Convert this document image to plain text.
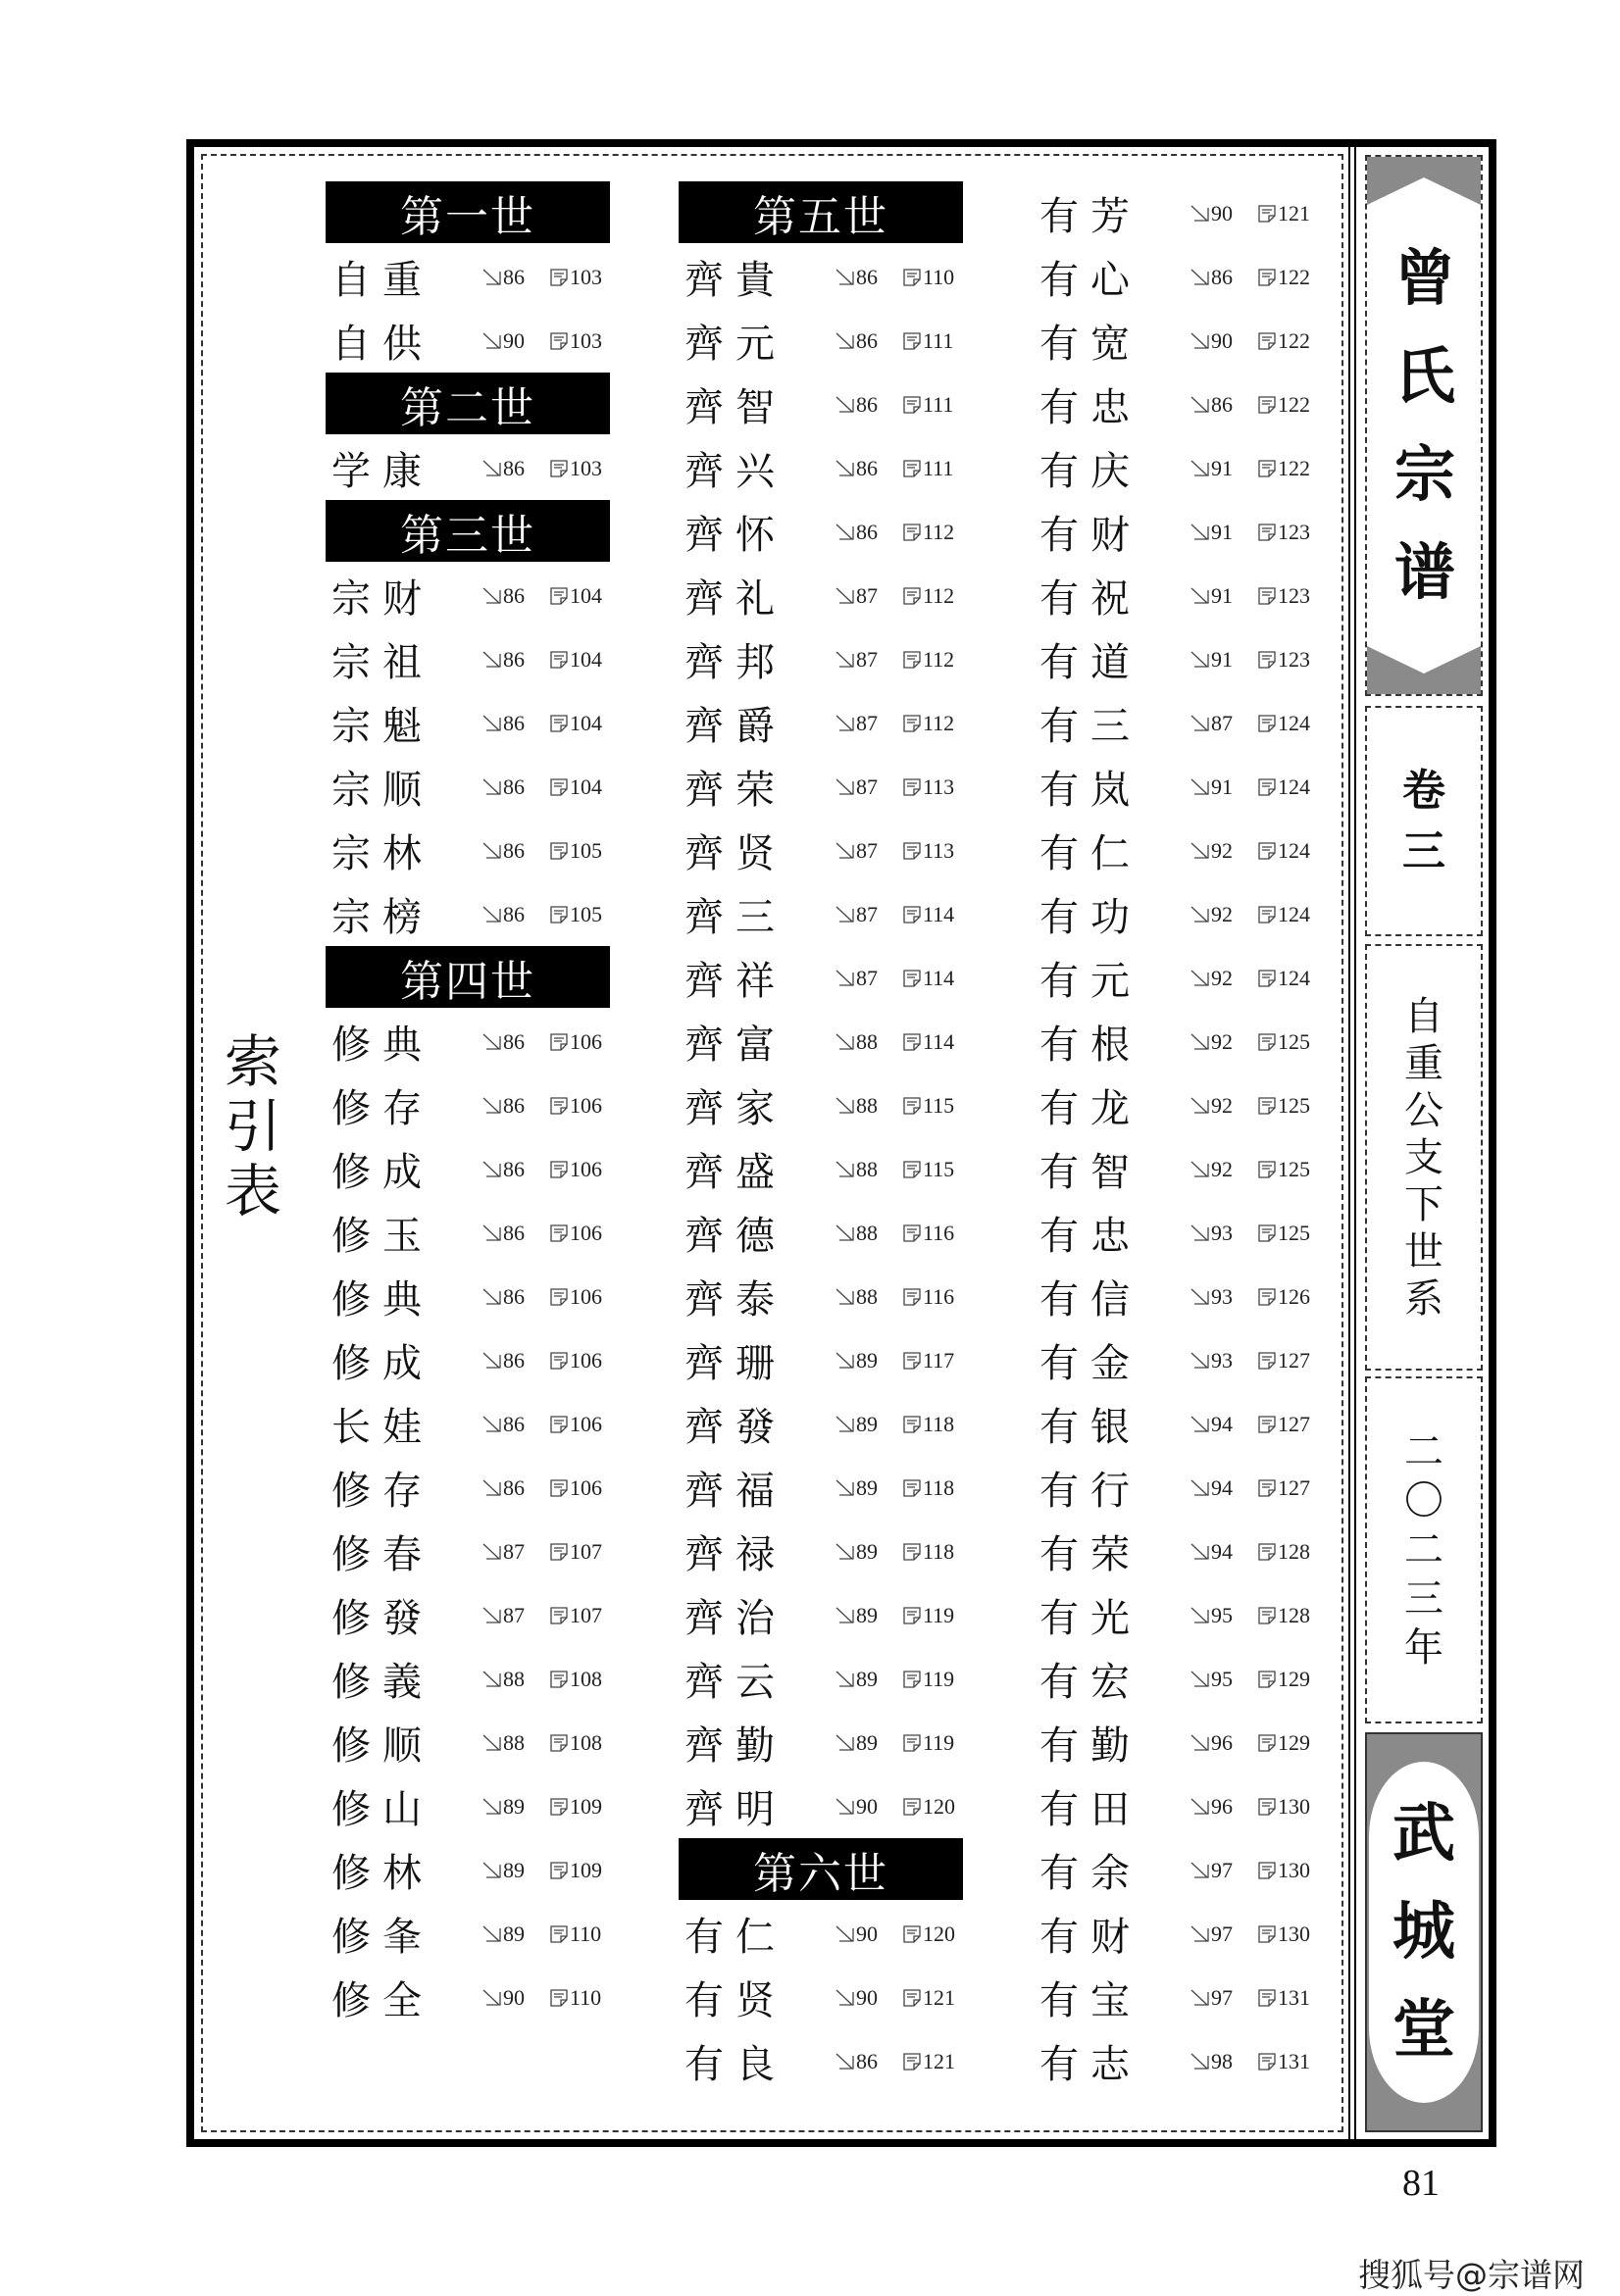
索引表
第一世
自重	86 103
自供	90 103
第二世
学康	86 103
第三世
宗财	86 104
宗祖	86 104
宗魁	86 104
宗顺	86 104
宗林	86 105
宗榜	86 105
第四世
修典	86 106
修存	86 106
修成	86 106
修玉	86 106
修典	86 106
修成	86 106
长娃	86 106
修存	86 106
修春	87 107
修發	87 107
修義	88 108
修顺	88 108
修山	89 109
修林	89 109
修夆	89 110
修全	90 110
第五世
齊貴	86 110
齊元	86 111
齊智	86 111
齊兴	86 111
齊怀	86 112
齊礼	87 112
齊邦	87 112
齊爵	87 112
齊荣	87 113
齊贤	87 113
齊三	87 114
齊祥	87 114
齊富	88 114
齊家	88 115
齊盛	88 115
齊德	88 116
齊泰	88 116
齊珊	89 117
齊發	89 118
齊福	89 118
齊禄	89 118
齊治	89 119
齊云	89 119
齊勤	89 119
齊明	90 120
第六世
有仁	90 120
有贤	90 121
有良	86 121
有芳	90 121
有心	86 122
有宽	90 122
有忠	86 122
有庆	91 122
有财	91 123
有祝	91 123
有道	91 123
有三	87 124
有岚	91 124
有仁	92 124
有功	92 124
有元	92 124
有根	92 125
有龙	92 125
有智	92 125
有忠	93 125
有信	93 126
有金	93 127
有银	94 127
有行	94 127
有荣	94 128
有光	95 128
有宏	95 129
有勤	96 129
有田	96 130
有余	97 130
有财	97 130
有宝	97 131
有志	98 131
曾氏宗谱
卷三
自重公支下世系
二〇二三年
武城堂
81
搜狐号@宗谱网
